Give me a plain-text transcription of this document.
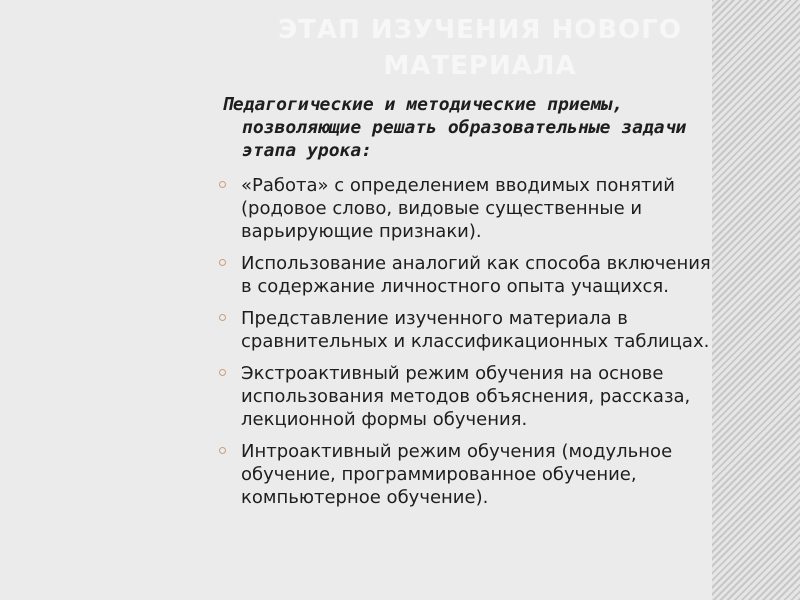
ЭТАП ИЗУЧЕНИЯ НОВОГО МАТЕРИАЛА

Педагогические и методические приемы, позволяющие решать образовательные задачи этапа урока:

«Работа» с определением вводимых понятий (родовое слово, видовые существенные и варьирующие признаки).
Использование аналогий как способа включения в содержание личностного опыта учащихся.
Представление изученного материала в сравнительных и классификационных таблицах.
Экстроактивный режим обучения на основе использования методов объяснения, рассказа, лекционной формы обучения.
Интроактивный режим обучения (модульное обучение, программированное обучение, компьютерное обучение).
